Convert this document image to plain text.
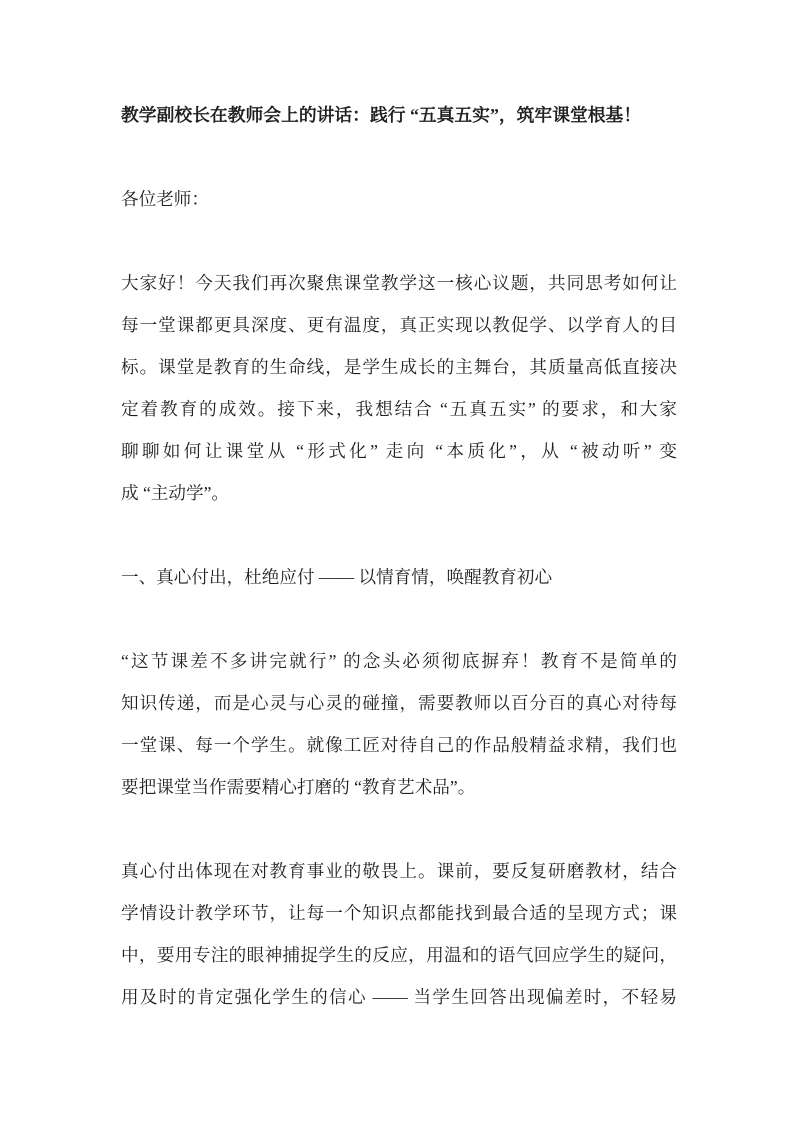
教学副校长在教师会上的讲话：践行 “五真五实”，筑牢课堂根基！
各位老师：
大家好！今天我们再次聚焦课堂教学这一核心议题，共同思考如何让
每一堂课都更具深度、更有温度，真正实现以教促学、以学育人的目
标。课堂是教育的生命线，是学生成长的主舞台，其质量高低直接决
定着教育的成效。接下来，我想结合 “五真五实” 的要求，和大家
聊聊如何让课堂从 “形式化” 走向 “本质化”，从 “被动听” 变
成 “主动学”。
一、真心付出，杜绝应付 —— 以情育情，唤醒教育初心
“这节课差不多讲完就行” 的念头必须彻底摒弃！教育不是简单的
知识传递，而是心灵与心灵的碰撞，需要教师以百分百的真心对待每
一堂课、每一个学生。就像工匠对待自己的作品般精益求精，我们也
要把课堂当作需要精心打磨的 “教育艺术品”。
真心付出体现在对教育事业的敬畏上。课前，要反复研磨教材，结合
学情设计教学环节，让每一个知识点都能找到最合适的呈现方式；课
中，要用专注的眼神捕捉学生的反应，用温和的语气回应学生的疑问，
用及时的肯定强化学生的信心 —— 当学生回答出现偏差时，不轻易
